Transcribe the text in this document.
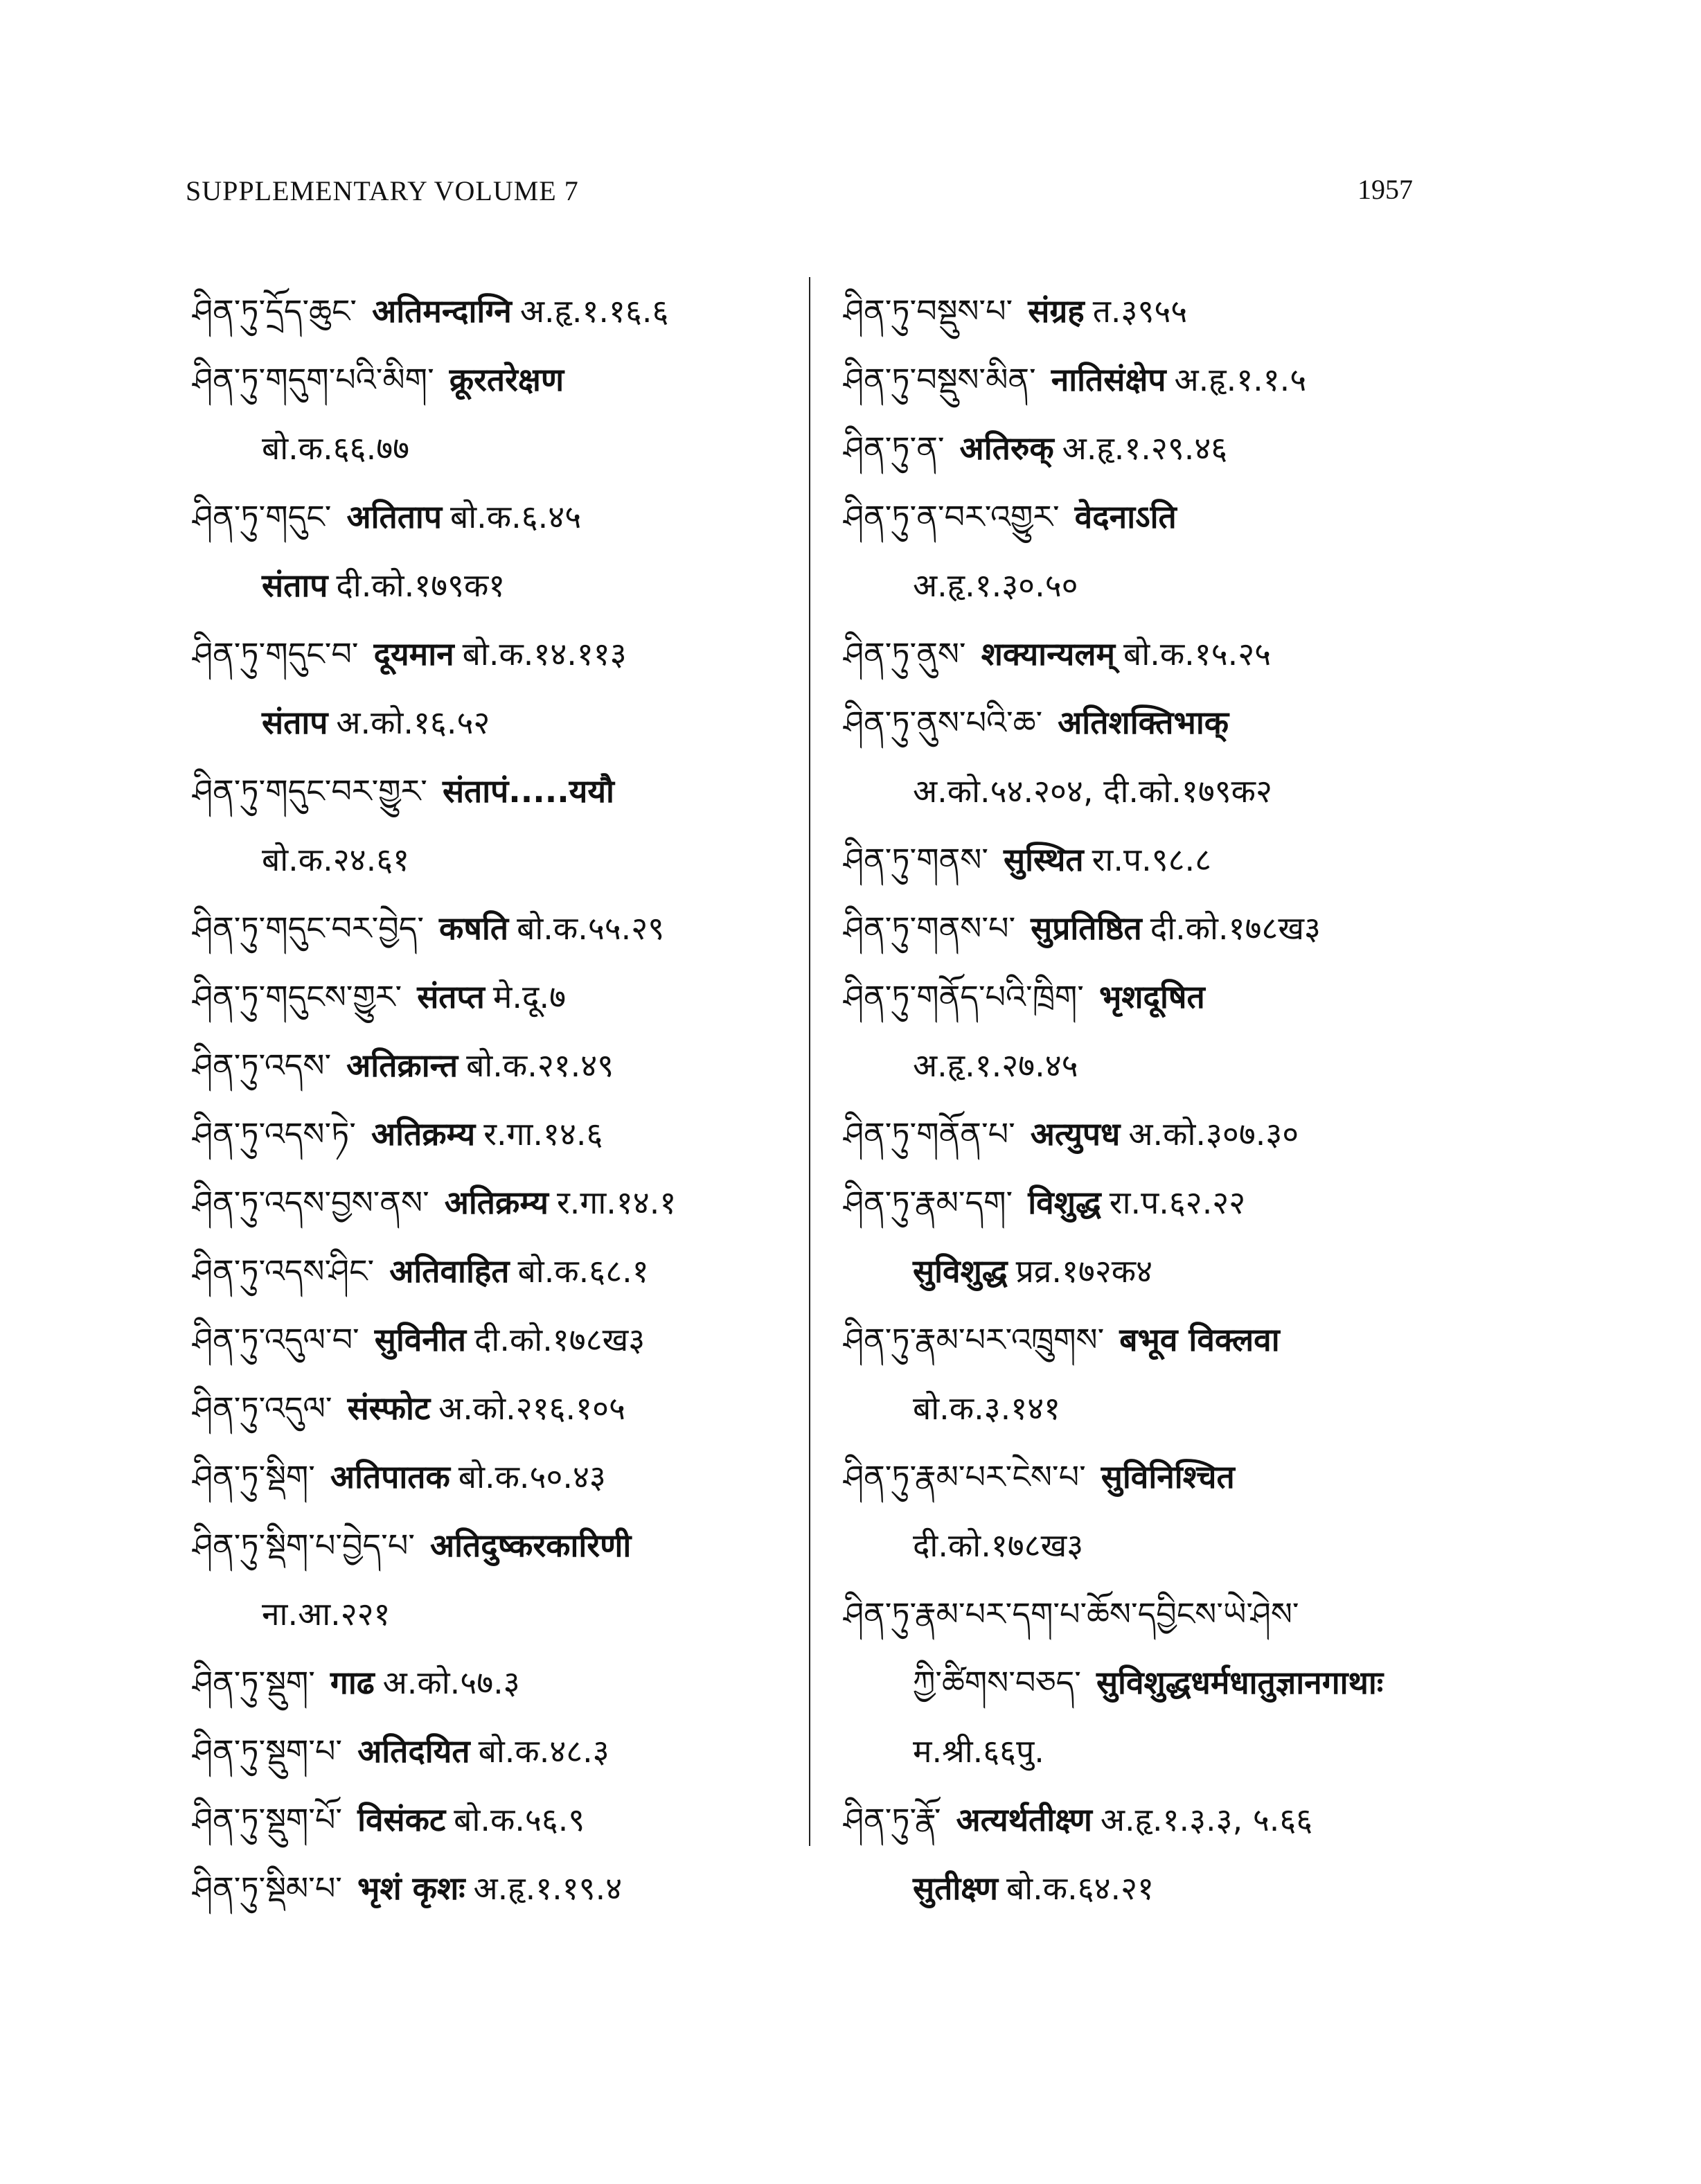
SUPPLEMENTARY VOLUME 7	1957
ཤིན་ཏུ་དྲོད་ཆུང་ अतिमन्दाग्नि अ.हृ.१.१६.६
ཤིན་ཏུ་གདུག་པའི་མིག་ क्रूरतरेक्षण
बो.क.६६.७७
ཤིན་ཏུ་གདུང་ अतिताप बो.क.६.४५
संताप दी.को.१७९क१
ཤིན་ཏུ་གདུང་བ་ दूयमान बो.क.१४.११३
संताप अ.को.१६.५२
ཤིན་ཏུ་གདུང་བར་གྱུར་ संतापं.....ययौ
बो.क.२४.६१
ཤིན་ཏུ་གདུང་བར་བྱེད་ कषति बो.क.५५.२९
ཤིན་ཏུ་གདུངས་གྱུར་ संतप्त मे.दू.७
ཤིན་ཏུ་འདས་ अतिक्रान्त बो.क.२१.४९
ཤིན་ཏུ་འདས་ཏེ་ अतिक्रम्य र.गा.१४.६
ཤིན་ཏུ་འདས་བྱས་ནས་ अतिक्रम्य र.गा.१४.१
ཤིན་ཏུ་འདས་ཤིང་ अतिवाहित बो.क.६८.१
ཤིན་ཏུ་འདུལ་བ་ सुविनीत दी.को.१७८ख३
ཤིན་ཏུ་འདུལ་ संस्फोट अ.को.२१६.१०५
ཤིན་ཏུ་སྡིག་ अतिपातक बो.क.५०.४३
ཤིན་ཏུ་སྡིག་པ་བྱེད་པ་ अतिदुष्करकारिणी
ना.आ.२२१
ཤིན་ཏུ་སྡུག་ गाढ अ.को.५७.३
ཤིན་ཏུ་སྡུག་པ་ अतिदयित बो.क.४८.३
ཤིན་ཏུ་སྡུག་པོ་ विसंकट बो.क.५६.९
ཤིན་ཏུ་སྡིམ་པ་ भृशं कृशः अ.हृ.१.१९.४
ཤིན་ཏུ་བསྡུས་པ་ संग्रह त.३९५५
ཤིན་ཏུ་བསྡུས་མིན་ नातिसंक्षेप अ.हृ.१.१.५
ཤིན་ཏུ་ན་ अतिरुक् अ.हृ.१.२९.४६
ཤིན་ཏུ་ན་བར་འགྱུར་ वेदनाऽति
अ.हृ.१.३०.५०
ཤིན་ཏུ་ནུས་ शक्यान्यलम् बो.क.१५.२५
ཤིན་ཏུ་ནུས་པའི་ཆ་ अतिशक्तिभाक्
अ.को.५४.२०४, दी.को.१७९क२
ཤིན་ཏུ་གནས་ सुस्थित रा.प.९८.८
ཤིན་ཏུ་གནས་པ་ सुप्रतिष्ठित दी.को.१७८ख३
ཤིན་ཏུ་གནོད་པའི་ཁྲིག་ भृशदूषित
अ.हृ.१.२७.४५
ཤིན་ཏུ་གནོན་པ་ अत्युपध अ.को.३०७.३०
ཤིན་ཏུ་རྣམ་དག་ विशुद्ध रा.प.६२.२२
सुविशुद्ध प्रव्र.१७२क४
ཤིན་ཏུ་རྣམ་པར་འཁྲུགས་ बभूव विक्लवा
बो.क.३.१४१
ཤིན་ཏུ་རྣམ་པར་ངེས་པ་ सुविनिश्चित
दी.को.१७८ख३
ཤིན་ཏུ་རྣམ་པར་དག་པ་ཆོས་དབྱིངས་ཡེ་ཤེས་
ཀྱི་ཚིགས་བཅད་ सुविशुद्धधर्मधातुज्ञानगाथाः
म.श्री.६६पु.
ཤིན་ཏུ་རྣོ་ अत्यर्थतीक्ष्ण अ.हृ.१.३.३, ५.६६
सुतीक्ष्ण बो.क.६४.२१
